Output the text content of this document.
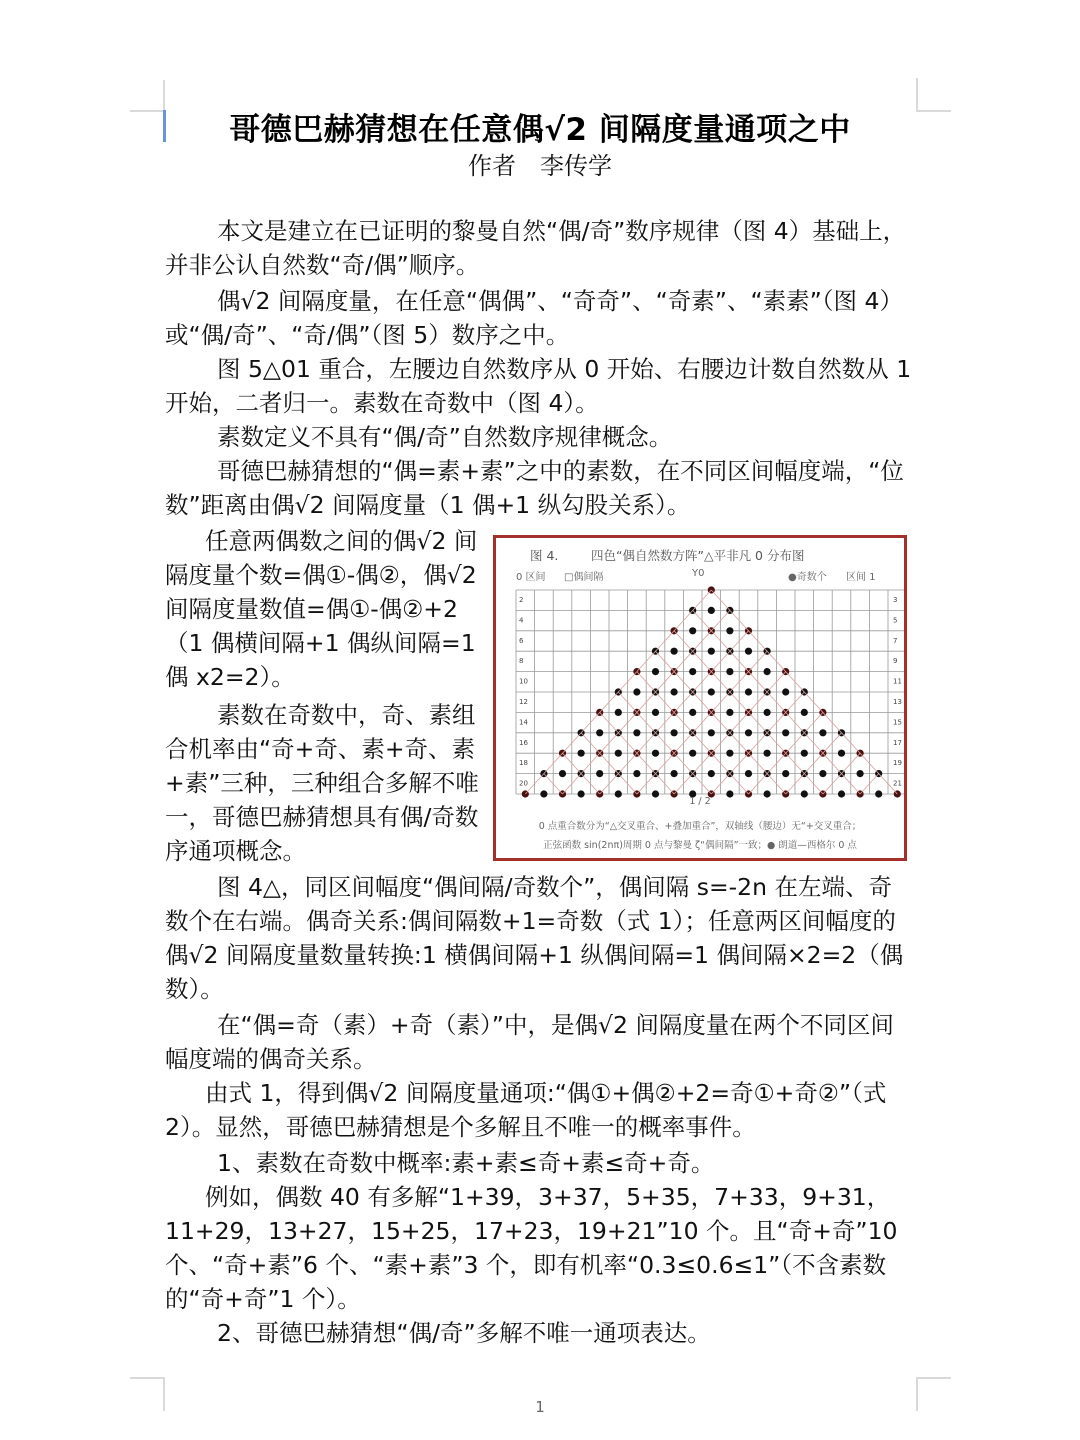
哥德巴赫猜想在任意偶√2 间隔度量通项之中
作者 李传学
本文是建立在已证明的黎曼自然“偶/奇”数序规律（图 4）基础上，并非公认自然数“奇/偶”顺序。
偶√2 间隔度量，在任意“偶偶”、“奇奇”、“奇素”、“素素”（图 4）或“偶/奇”、“奇/偶”（图 5）数序之中。
图 5△01 重合，左腰边自然数序从 0 开始、右腰边计数自然数从 1 开始，二者归一。素数在奇数中（图 4）。
素数定义不具有“偶/奇”自然数序规律概念。
哥德巴赫猜想的“偶=素+素”之中的素数，在不同区间幅度端，“位数”距离由偶√2 间隔度量（1 偶+1 纵勾股关系）。
任意两偶数之间的偶√2 间隔度量个数=偶①-偶②，偶√2 间隔度量数值=偶①-偶②+2（1 偶横间隔+1 偶纵间隔=1 偶 x2=2）。
素数在奇数中，奇、素组合机率由“奇+奇、素+奇、素+素”三种，三种组合多解不唯一，哥德巴赫猜想具有偶/奇数序通项概念。
图 4.	四色“偶自然数方阵”△平非凡 0 分布图
0 区间 □偶间隔	Y0	●奇数个 区间 1
2
4
6
8
10
12
14
16
18
20
3
5
7
9
11
13
15
17
19
21
1 / 2
0 点重合数分为“△交叉重合、+叠加重合”，双轴线（腰边）无“+交叉重合；
正弦函数 sin(2nπ)周期 0 点与黎曼 ζ“偶间隔”一致；● 朗道—西格尔 0 点
图 4△，同区间幅度“偶间隔/奇数个”，偶间隔 s=-2n 在左端、奇数个在右端。偶奇关系:偶间隔数+1=奇数（式 1）；任意两区间幅度的偶√2 间隔度量数量转换:1 横偶间隔+1 纵偶间隔=1 偶间隔×2=2（偶数）。
在“偶=奇（素）+奇（素）”中，是偶√2 间隔度量在两个不同区间幅度端的偶奇关系。
由式 1，得到偶√2 间隔度量通项:“偶①+偶②+2=奇①+奇②”（式 2）。显然，哥德巴赫猜想是个多解且不唯一的概率事件。
1、素数在奇数中概率:素+素≤奇+素≤奇+奇。
例如，偶数 40 有多解“1+39，3+37，5+35，7+33，9+31，11+29，13+27，15+25，17+23，19+21”10 个。且“奇+奇”10 个、“奇+素”6 个、“素+素”3 个，即有机率“0.3≤0.6≤1”（不含素数的“奇+奇”1 个）。
2、哥德巴赫猜想“偶/奇”多解不唯一通项表达。
1
